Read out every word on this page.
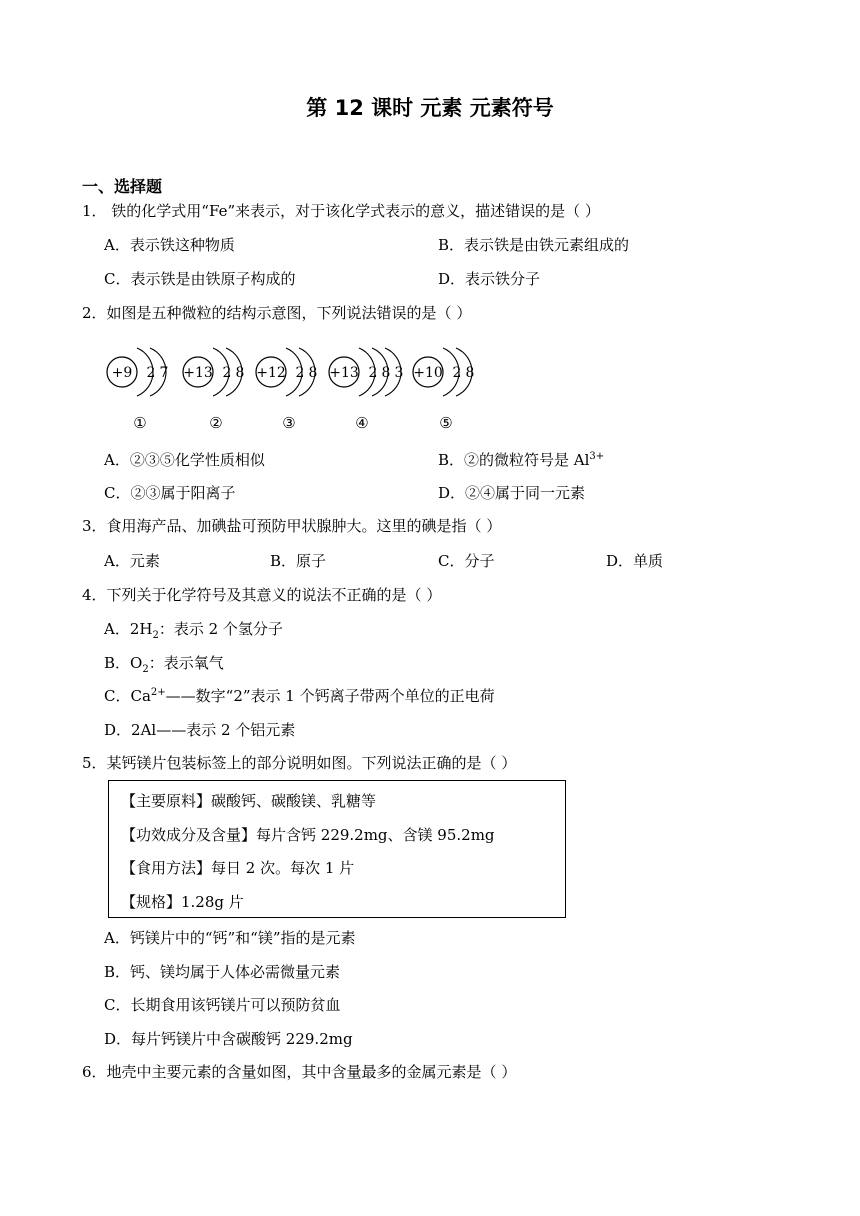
第 12 课时 元素 元素符号
一、选择题
1． 铁的化学式用“Fe”来表示，对于该化学式表示的意义，描述错误的是（ ）
A．表示铁这种物质	B．表示铁是由铁元素组成的
C．表示铁是由铁原子构成的	D．表示铁分子
2．如图是五种微粒的结构示意图，下列说法错误的是（ ）
+9 2 7
①
+13 2 8
②
+12 2 8
③
+13 2 8 3
④
+10 2 8
⑤
A．②③⑤化学性质相似	B．②的微粒符号是 $Al^{3+}$
C．②③属于阳离子	D．②④属于同一元素
3．食用海产品、加碘盐可预防甲状腺肿大。这里的碘是指（ ）
A．元素	B．原子	C．分子	D．单质
4．下列关于化学符号及其意义的说法不正确的是（ ）
A．$2H_2$：表示 2 个氢分子
B．$O_2$：表示氧气
C．$Ca^{2+}——$数字“2”表示 1 个钙离子带两个单位的正电荷
D．2Al——表示 2 个铝元素
5．某钙镁片包装标签上的部分说明如图。下列说法正确的是（ ）
【主要原料】碳酸钙、碳酸镁、乳糖等
【功效成分及含量】每片含钙 229.2mg、含镁 95.2mg
【食用方法】每日 2 次。每次 1 片
【规格】1.28g 片
A．钙镁片中的“钙”和“镁”指的是元素
B．钙、镁均属于人体必需微量元素
C．长期食用该钙镁片可以预防贫血
D．每片钙镁片中含碳酸钙 229.2mg
6．地壳中主要元素的含量如图，其中含量最多的金属元素是（ ）
